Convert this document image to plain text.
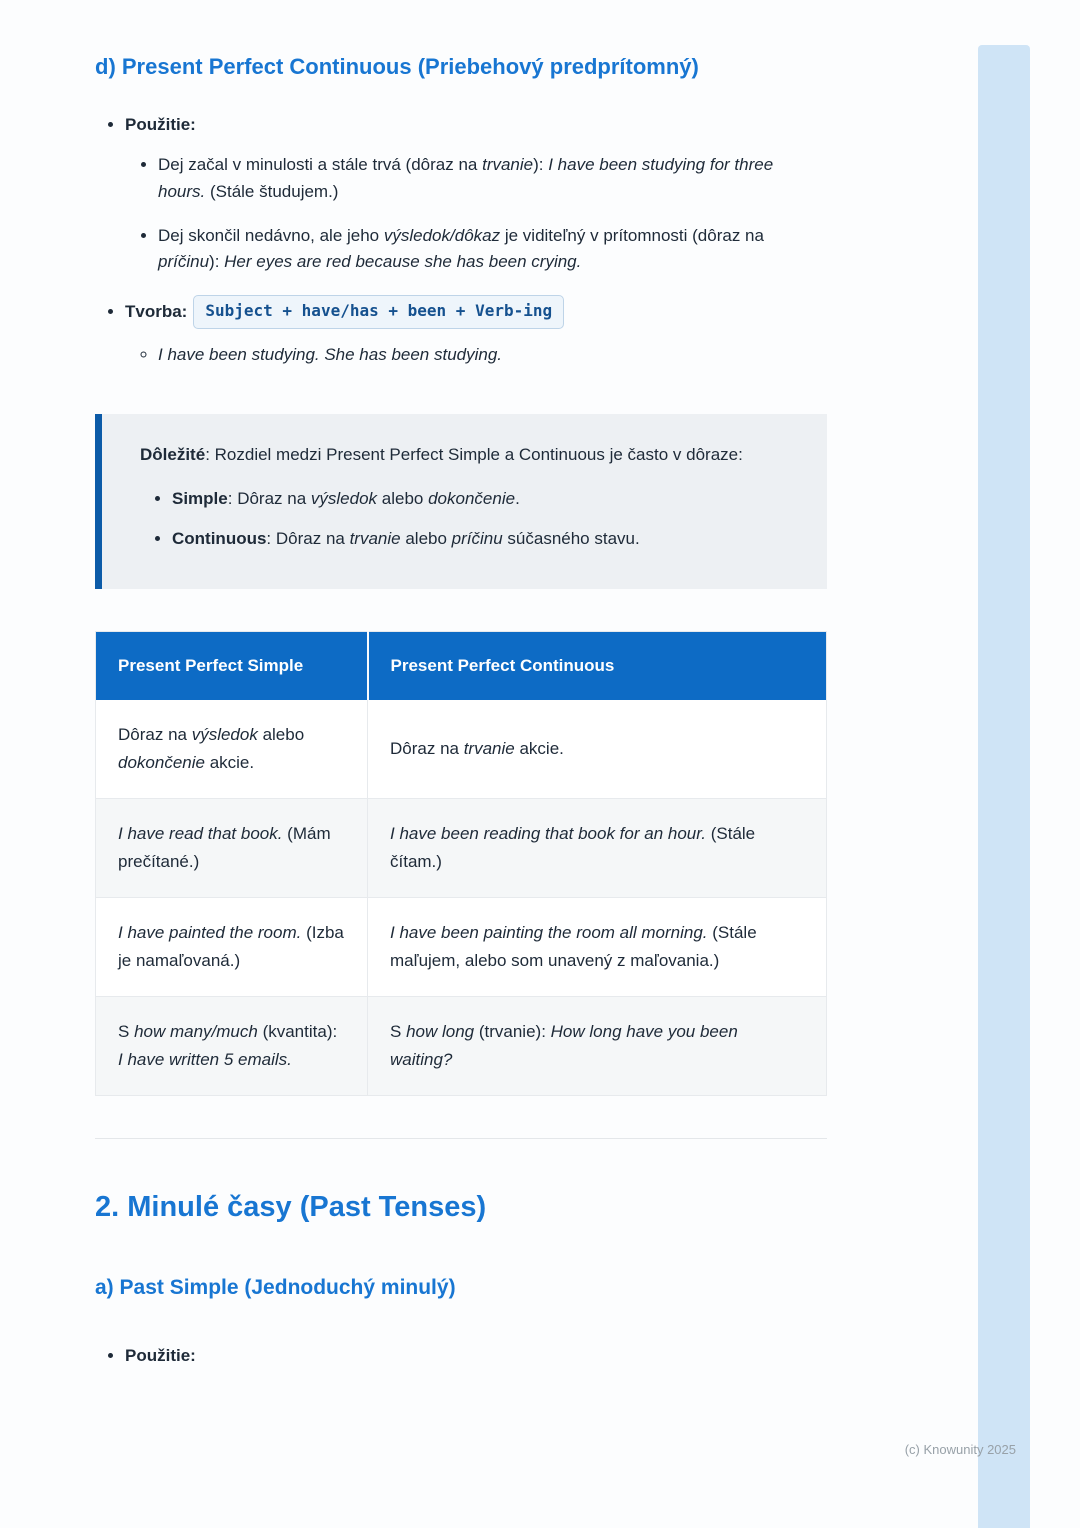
d) Present Perfect Continuous (Priebehový predprítomný)
• Použitie:
• Dej začal v minulosti a stále trvá (dôraz na trvanie): I have been studying for three hours. (Stále študujem.)
• Dej skončil nedávno, ale jeho výsledok/dôkaz je viditeľný v prítomnosti (dôraz na príčinu): Her eyes are red because she has been crying.
• Tvorba: Subject + have/has + been + Verb-ing
◦ I have been studying. She has been studying.

Dôležité: Rozdiel medzi Present Perfect Simple a Continuous je často v dôraze:

• Simple: Dôraz na výsledok alebo dokončenie.
• Continuous: Dôraz na trvanie alebo príčinu súčasného stavu.
Present Perfect Simple	Present Perfect Continuous
Dôraz na výsledok alebo dokončenie akcie.	Dôraz na trvanie akcie.
I have read that book. (Mám prečítané.)	I have been reading that book for an hour. (Stále čítam.)
I have painted the room. (Izba je namaľovaná.)	I have been painting the room all morning. (Stále maľujem, alebo som unavený z maľovania.)
S how many/much (kvantita): I have written 5 emails.	S how long (trvanie): How long have you been waiting?
2. Minulé časy (Past Tenses)
a) Past Simple (Jednoduchý minulý)
• Použitie:
(c) Knowunity 2025
